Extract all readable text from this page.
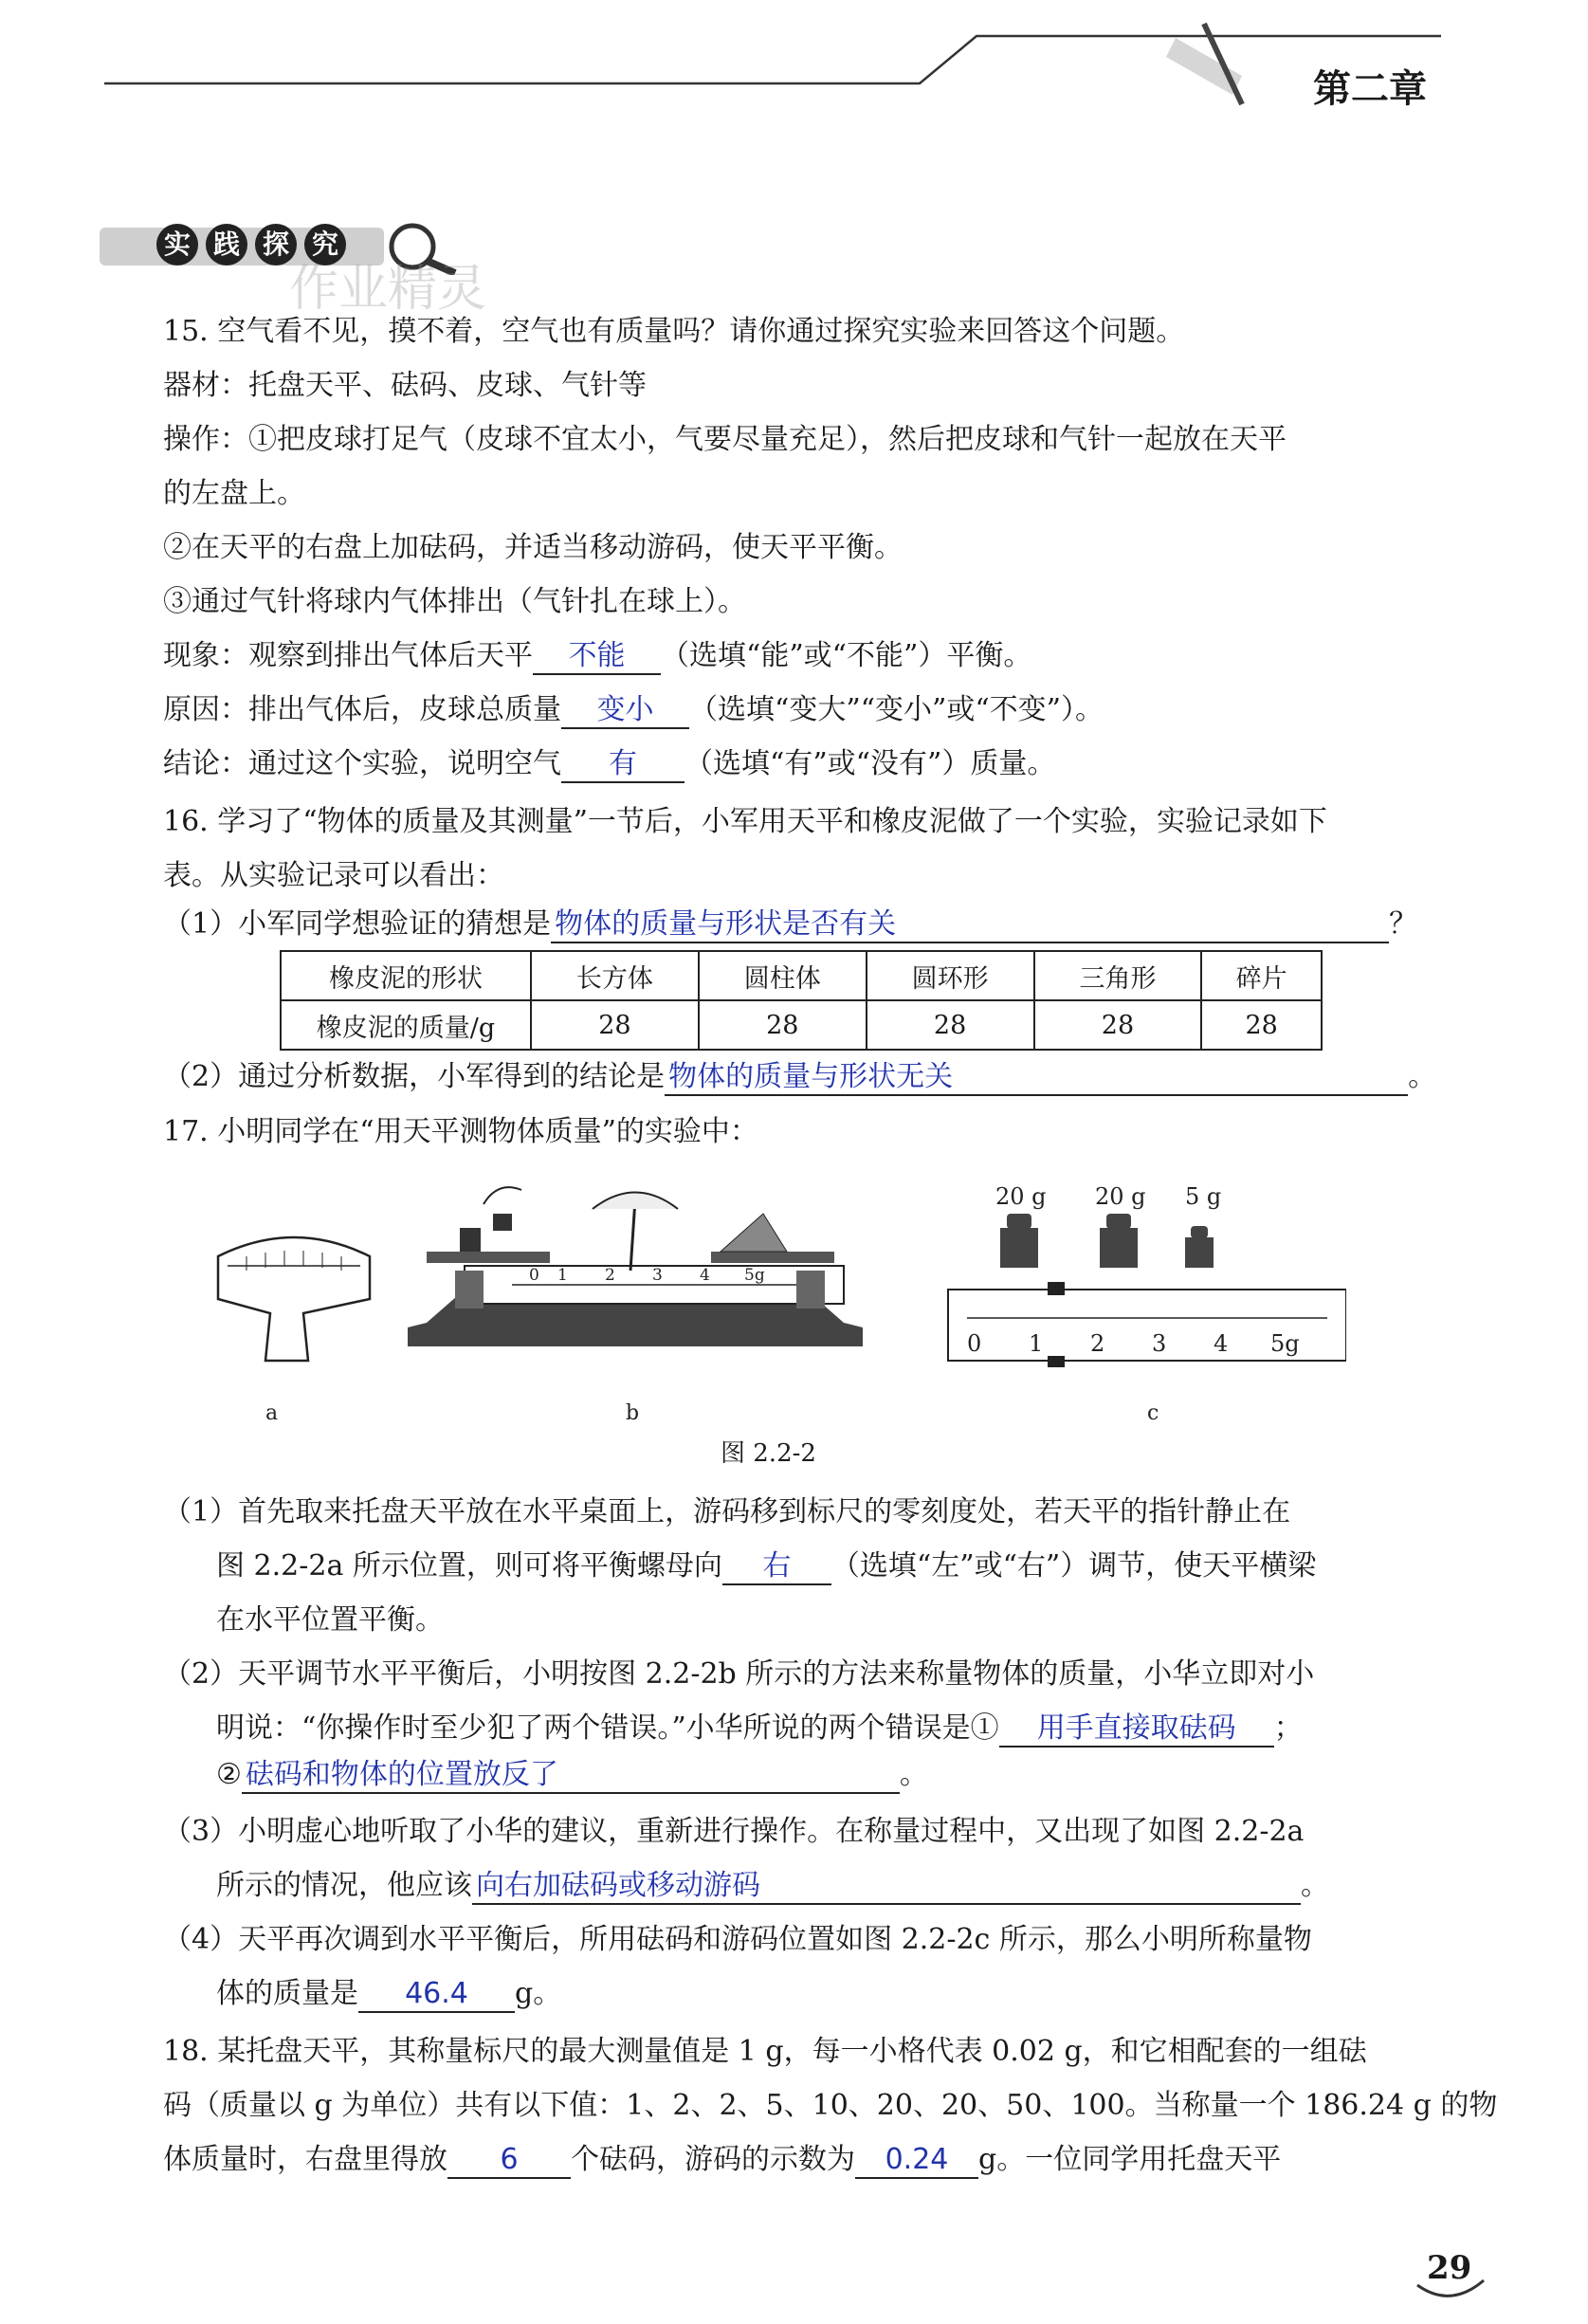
第二章
实 践 探 究
作业精灵
15. 空气看不见，摸不着，空气也有质量吗？请你通过探究实验来回答这个问题。
器材：托盘天平、砝码、皮球、气针等
操作：①把皮球打足气（皮球不宜太小，气要尽量充足），然后把皮球和气针一起放在天平
的左盘上。
②在天平的右盘上加砝码，并适当移动游码，使天平平衡。
③通过气针将球内气体排出（气针扎在球上）。
现象：观察到排出气体后天平 不能 （选填“能”或“不能”）平衡。
原因：排出气体后，皮球总质量 变小 （选填“变大”“变小”或“不变”）。
结论：通过这个实验，说明空气 有 （选填“有”或“没有”）质量。
16. 学习了“物体的质量及其测量”一节后，小军用天平和橡皮泥做了一个实验，实验记录如下
表。从实验记录可以看出：
（1）小军同学想验证的猜想是 物体的质量与形状是否有关	？
橡皮泥的形状	长方体	圆柱体	圆环形	三角形	碎片
橡皮泥的质量/g	28	28	28	28	28
（2）通过分析数据，小军得到的结论是 物体的质量与形状无关	。
17. 小明同学在“用天平测物体质量”的实验中：
0 1 2 3 4 5g
20 g 20 g 5 g
0 1 2 3 4 5g
a	b	c
图 2.2-2
（1）首先取来托盘天平放在水平桌面上，游码移到标尺的零刻度处，若天平的指针静止在
图 2.2-2a 所示位置，则可将平衡螺母向 右 （选填“左”或“右”）调节，使天平横梁
在水平位置平衡。
（2）天平调节水平平衡后，小明按图 2.2-2b 所示的方法来称量物体的质量，小华立即对小
明说：“你操作时至少犯了两个错误。”小华所说的两个错误是① 用手直接取砝码 ；
② 砝码和物体的位置放反了	。
（3）小明虚心地听取了小华的建议，重新进行操作。在称量过程中，又出现了如图 2.2-2a
所示的情况，他应该 向右加砝码或移动游码	。
（4）天平再次调到水平平衡后，所用砝码和游码位置如图 2.2-2c 所示，那么小明所称量物
体的质量是 46.4 g。
18. 某托盘天平，其称量标尺的最大测量值是 1 g，每一小格代表 0.02 g，和它相配套的一组砝
码（质量以 g 为单位）共有以下值：1、2、2、5、10、20、20、50、100。当称量一个 186.24 g 的物
体质量时，右盘里得放 6 个砝码，游码的示数为 0.24 g。一位同学用托盘天平
29
